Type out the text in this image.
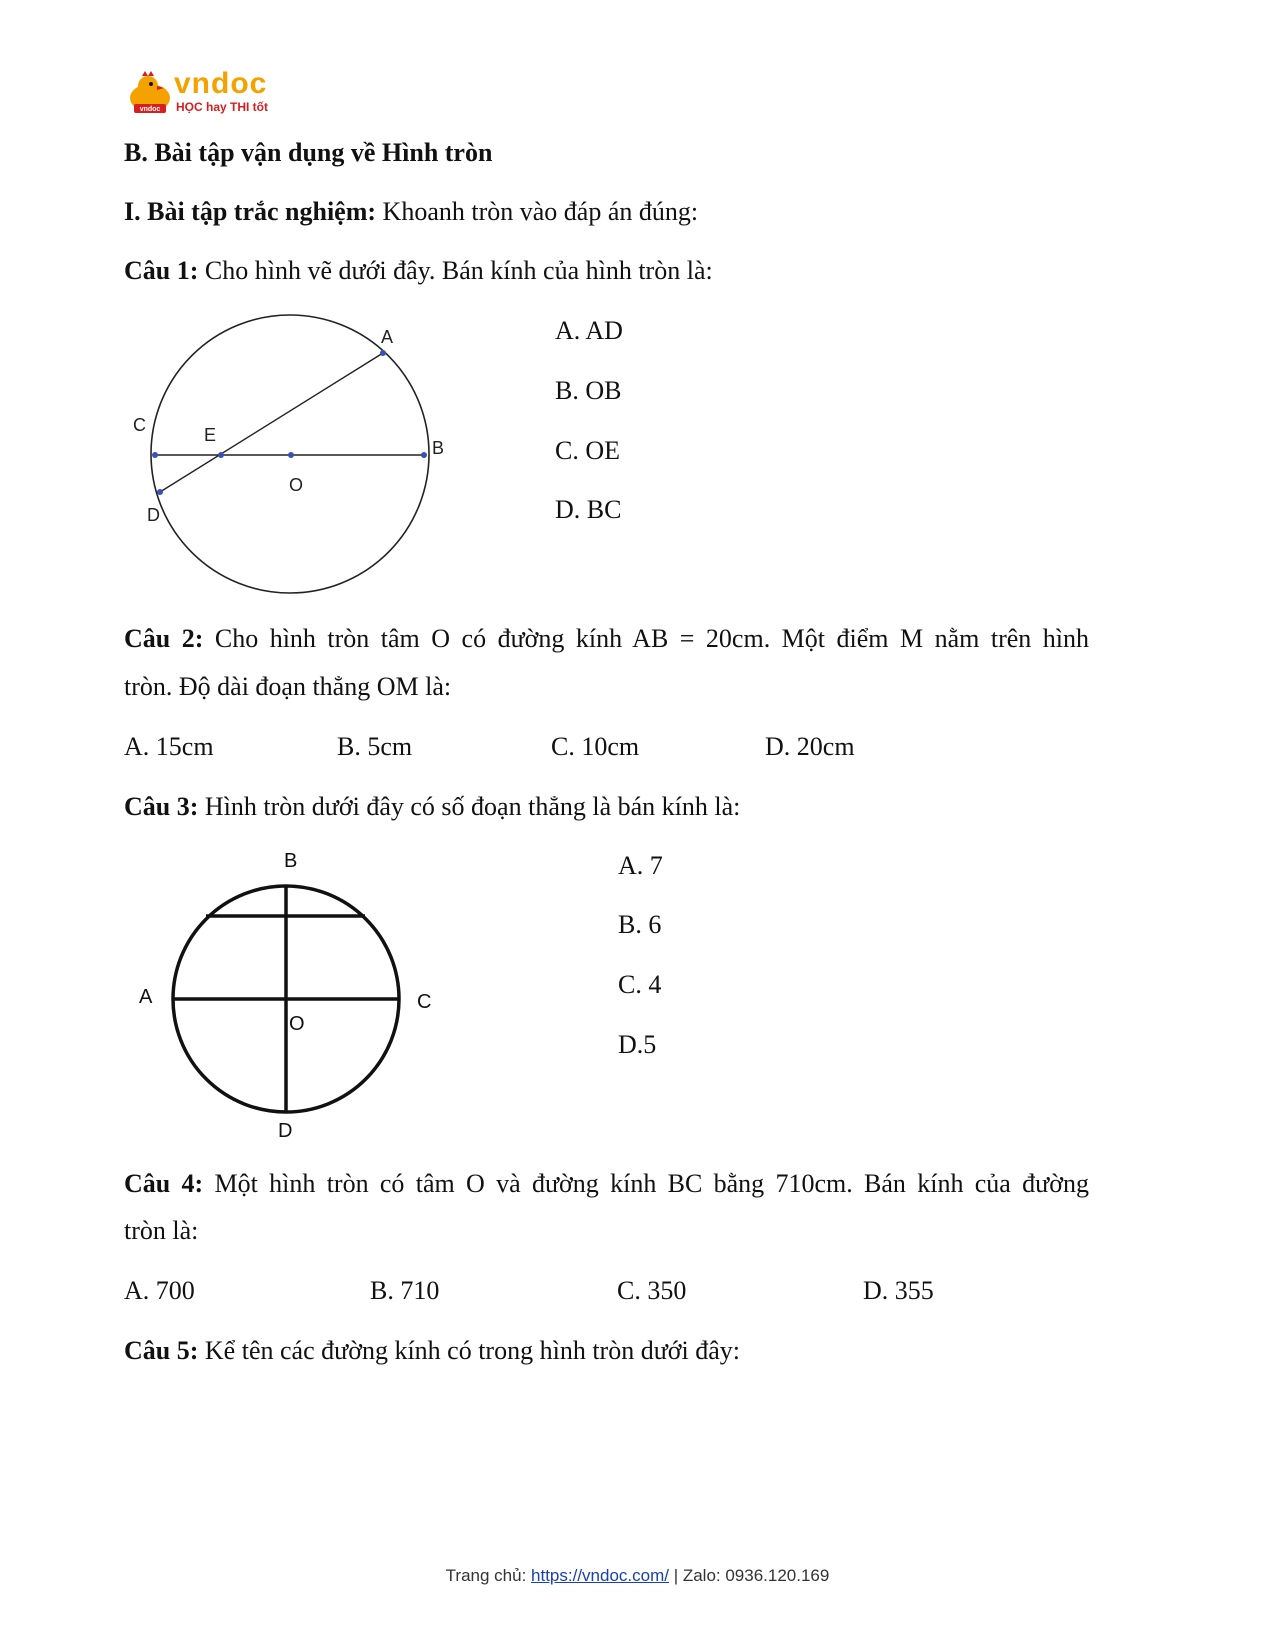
vndoc
vndoc
HỌC hay THI tốt
B. Bài tập vận dụng về Hình tròn
I. Bài tập trắc nghiệm: Khoanh tròn vào đáp án đúng:
Câu 1: Cho hình vẽ dưới đây. Bán kính của hình tròn là:
A
B
C
D
E
O
A. AD
B. OB
C. OE
D. BC
Câu 2: Cho hình tròn tâm O có đường kính AB = 20cm. Một điểm M nằm trên hình
tròn. Độ dài đoạn thẳng OM là:
A. 15cm	B. 5cm	C. 10cm	D. 20cm
Câu 3: Hình tròn dưới đây có số đoạn thẳng là bán kính là:
B
A	C
O
D
A. 7
B. 6
C. 4
D.5
Câu 4: Một hình tròn có tâm O và đường kính BC bằng 710cm. Bán kính của đường
tròn là:
A. 700	B. 710	C. 350	D. 355
Câu 5: Kể tên các đường kính có trong hình tròn dưới đây:
Trang chủ: https://vndoc.com/ | Zalo: 0936.120.169
